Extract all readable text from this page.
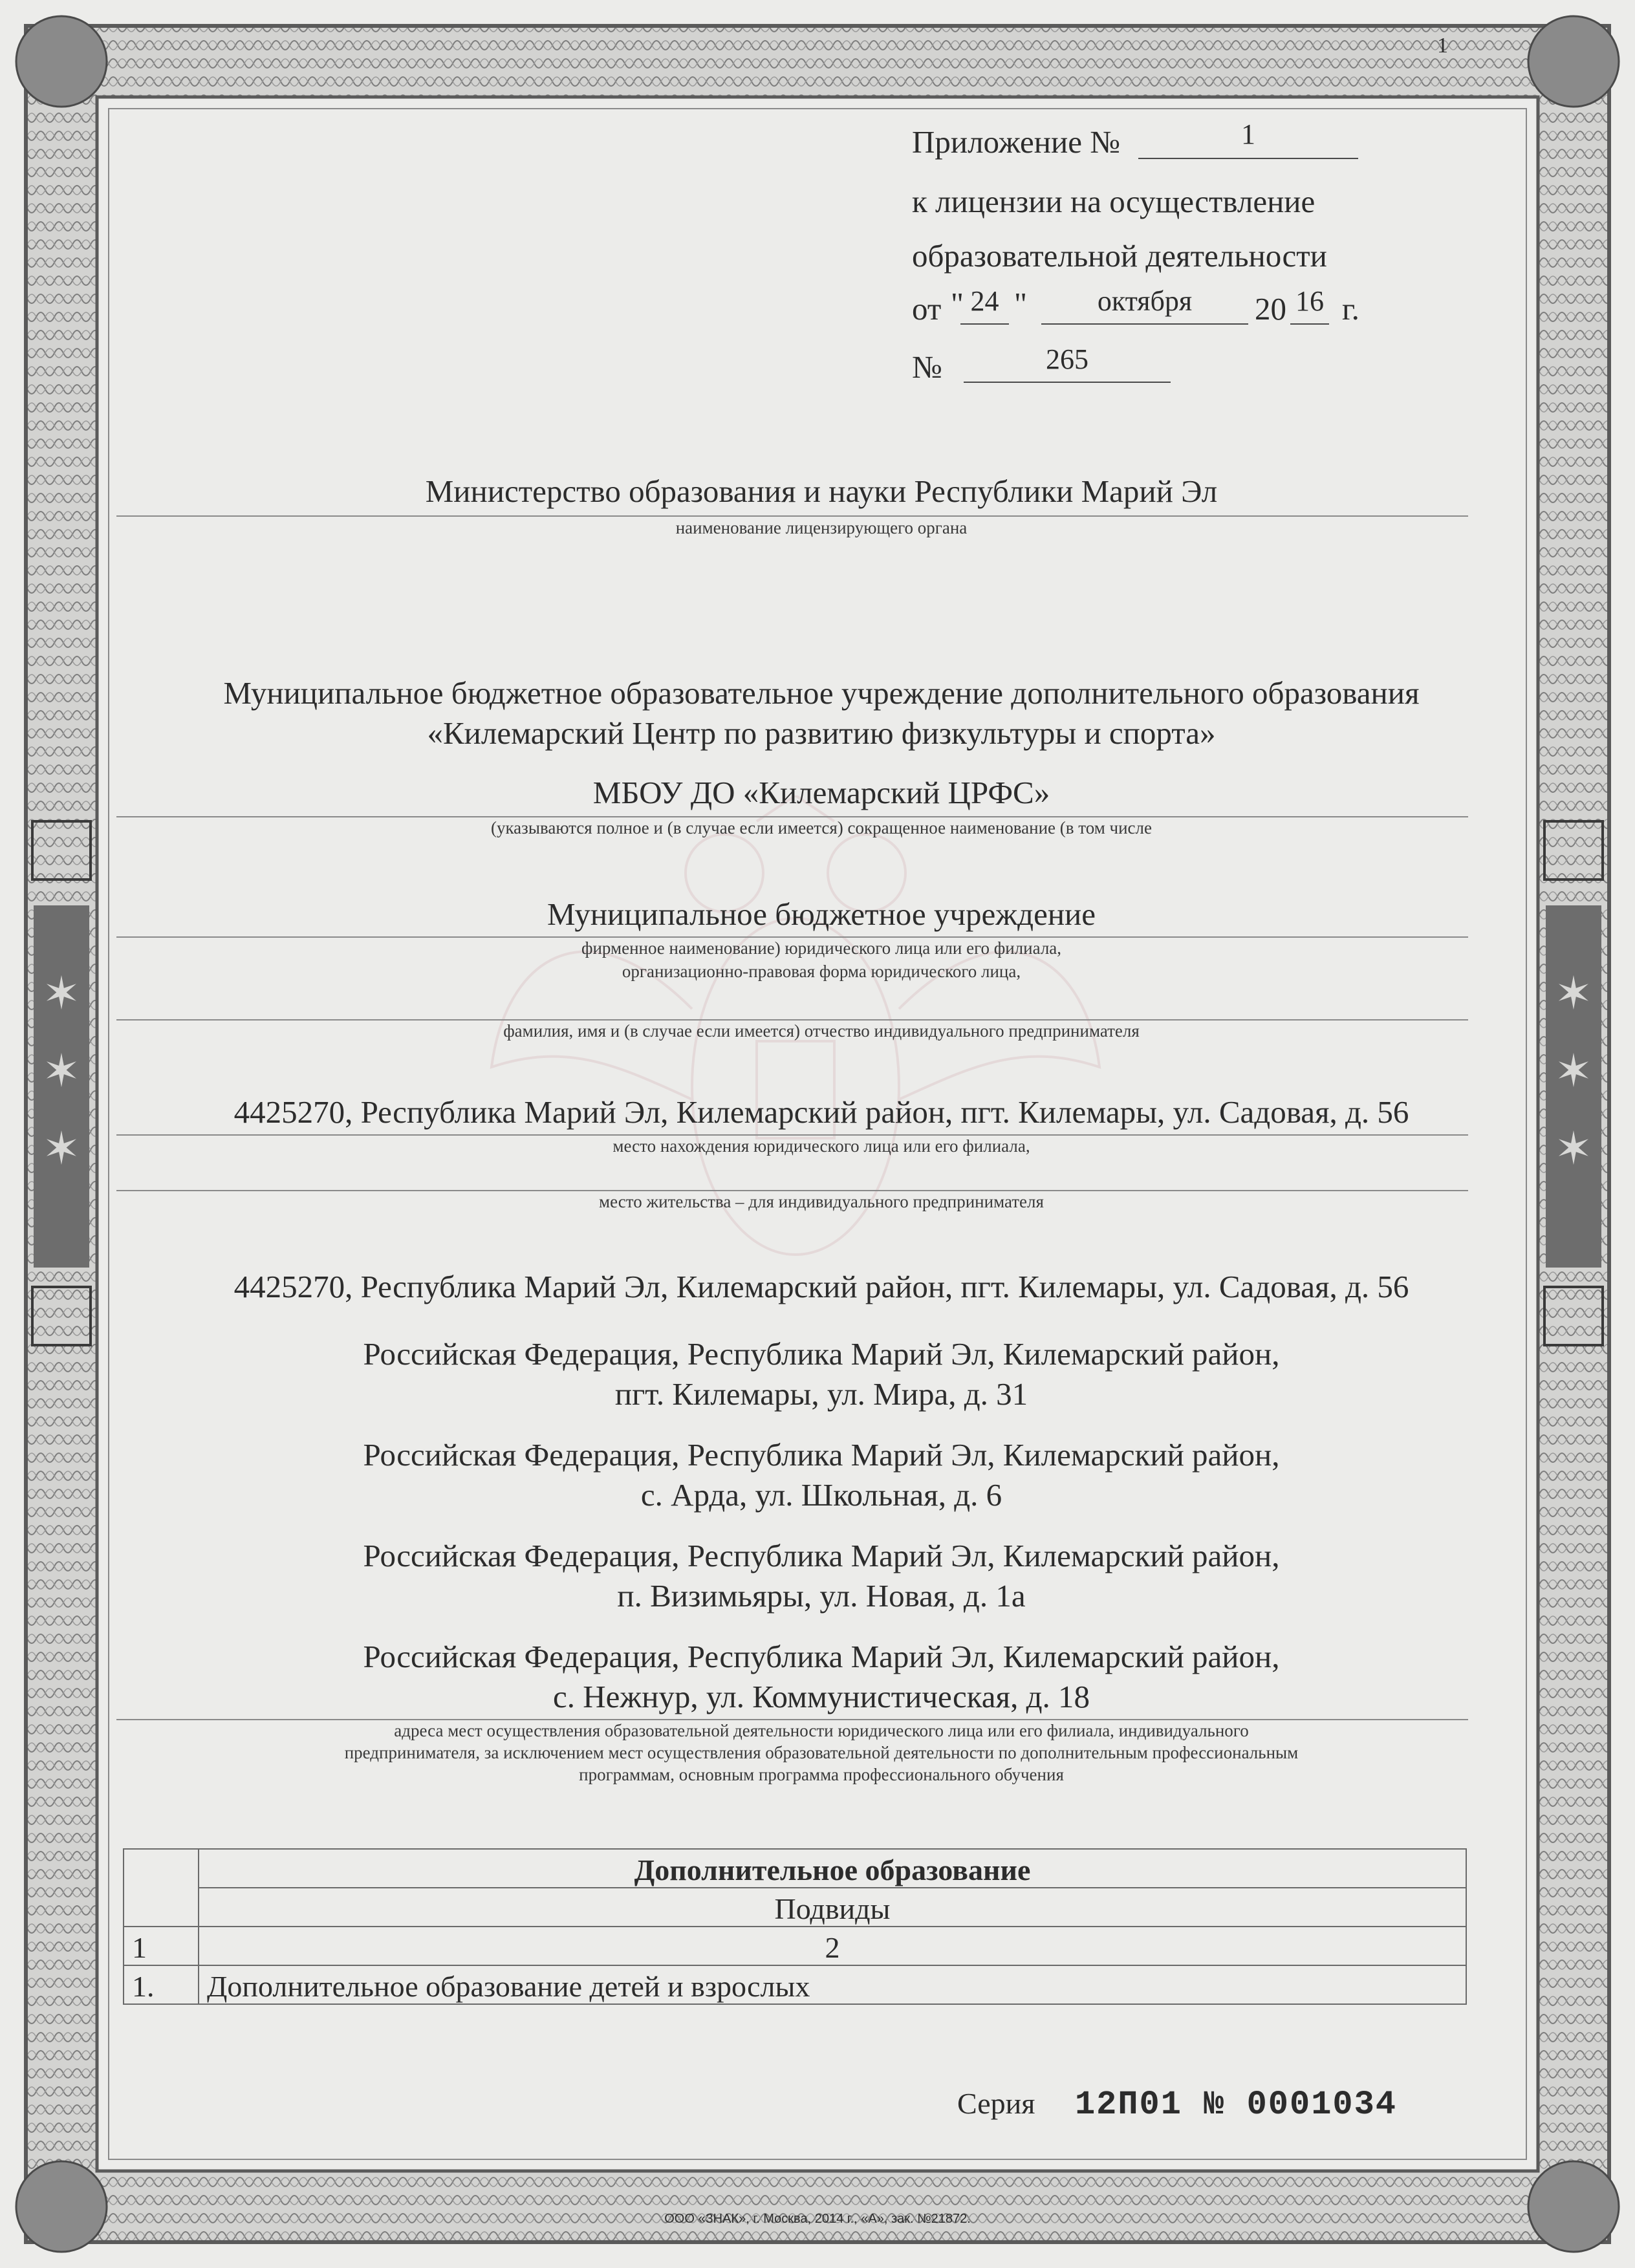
✶
✶
✶
✶
✶
✶
1
Приложение №	1
к лицензии на осуществление
образовательной деятельности
от " 24 "	октября	20 16 г.
№	265
Министерство образования и науки Республики Марий Эл
наименование лицензирующего органа
Муниципальное бюджетное образовательное учреждение дополнительного образования
«Килемарский Центр по развитию физкультуры и спорта»
МБОУ ДО «Килемарский ЦРФС»
(указываются полное и (в случае если имеется) сокращенное наименование (в том числе
Муниципальное бюджетное учреждение
фирменное наименование) юридического лица или его филиала,
организационно-правовая форма юридического лица,
фамилия, имя и (в случае если имеется) отчество индивидуального предпринимателя
4425270, Республика Марий Эл, Килемарский район, пгт. Килемары, ул. Садовая, д. 56
место нахождения юридического лица или его филиала,
место жительства – для индивидуального предпринимателя
4425270, Республика Марий Эл, Килемарский район, пгт. Килемары, ул. Садовая, д. 56
Российская Федерация, Республика Марий Эл, Килемарский район,
пгт. Килемары, ул. Мира, д. 31
Российская Федерация, Республика Марий Эл, Килемарский район,
с. Арда, ул. Школьная, д. 6
Российская Федерация, Республика Марий Эл, Килемарский район,
п. Визимьяры, ул. Новая, д. 1а
Российская Федерация, Республика Марий Эл, Килемарский район,
с. Нежнур, ул. Коммунистическая, д. 18
адреса мест осуществления образовательной деятельности юридического лица или его филиала, индивидуального
предпринимателя, за исключением мест осуществления образовательной деятельности по дополнительным профессиональным
программам, основным программа профессионального обучения
	Дополнительное образование
	Подвиды
1	2
1.	Дополнительное образование детей и взрослых
Серия 12П01 № 0001034
ООО «ЗНАК», г. Москва, 2014 г., «А», зак. №21872.
